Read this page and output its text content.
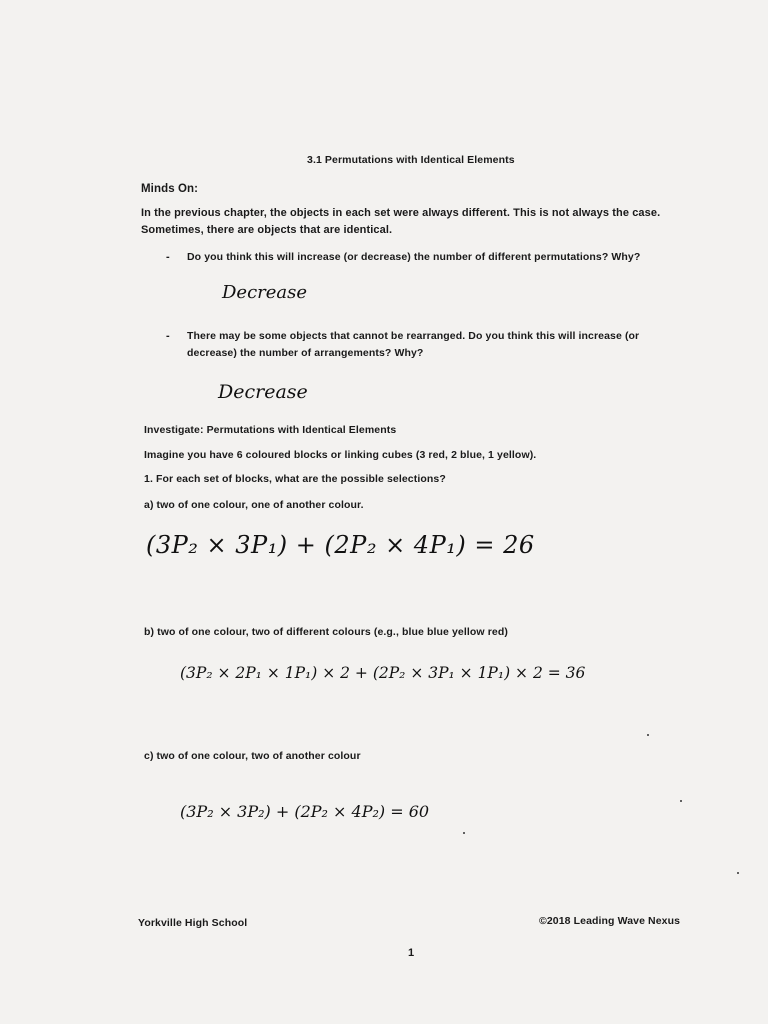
3.1 Permutations with Identical Elements
Minds On:
In the previous chapter, the objects in each set were always different. This is not always the case.
Sometimes, there are objects that are identical.
- Do you think this will increase (or decrease) the number of different permutations? Why?
Decrease
- There may be some objects that cannot be rearranged. Do you think this will increase (or
decrease) the number of arrangements? Why?
Decrease
Investigate: Permutations with Identical Elements
Imagine you have 6 coloured blocks or linking cubes (3 red, 2 blue, 1 yellow).
1. For each set of blocks, what are the possible selections?
a) two of one colour, one of another colour.
(3P₂ × 3P₁) + (2P₂ × 4P₁) = 26
b) two of one colour, two of different colours (e.g., blue blue yellow red)
(3P₂ × 2P₁ × 1P₁) × 2 + (2P₂ × 3P₁ × 1P₁) × 2 = 36
c) two of one colour, two of another colour
(3P₂ × 3P₂) + (2P₂ × 4P₂) = 60
Yorkville High School	©2018 Leading Wave Nexus
1
